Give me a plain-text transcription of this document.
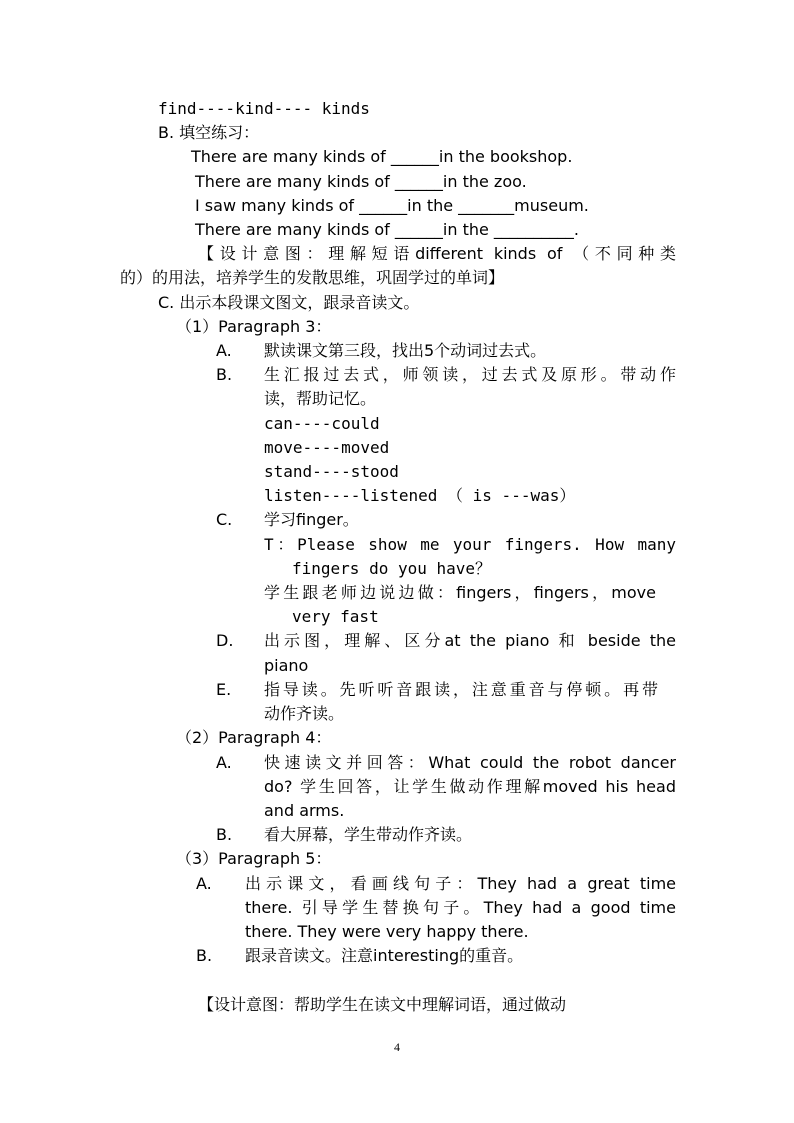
find----kind---- kinds
B. 填空练习：
There are many kinds of ______in the bookshop.
There are many kinds of ______in the zoo.
I saw many kinds of ______in the _______museum.
There are many kinds of ______in the __________.
【设计意图：理解短语different kinds of （不同种类
的）的用法，培养学生的发散思维，巩固学过的单词】
C. 出示本段课文图文，跟录音读文。
（1）Paragraph 3：
A. 默读课文第三段，找出5个动词过去式。
B. 生汇报过去式，师领读，过去式及原形。带动作
读，帮助记忆。
can----could
move----moved
stand----stood
listen----listened （ is ---was）
C. 学习finger。
T：Please show me your fingers. How many
fingers do you have？
学生跟老师边说边做：fingers，fingers，move
very fast
D. 出示图，理解、区分at the piano 和 beside the
piano
E. 指导读。先听听音跟读，注意重音与停顿。再带
动作齐读。
（2）Paragraph 4：
A. 快速读文并回答：What could the robot dancer
do? 学生回答，让学生做动作理解moved his head
and arms.
B. 看大屏幕，学生带动作齐读。
（3）Paragraph 5：
A. 出示课文，看画线句子：They had a great time
there. 引导学生替换句子。They had a good time
there. They were very happy there.
B. 跟录音读文。注意interesting的重音。
【设计意图：帮助学生在读文中理解词语，通过做动
4
